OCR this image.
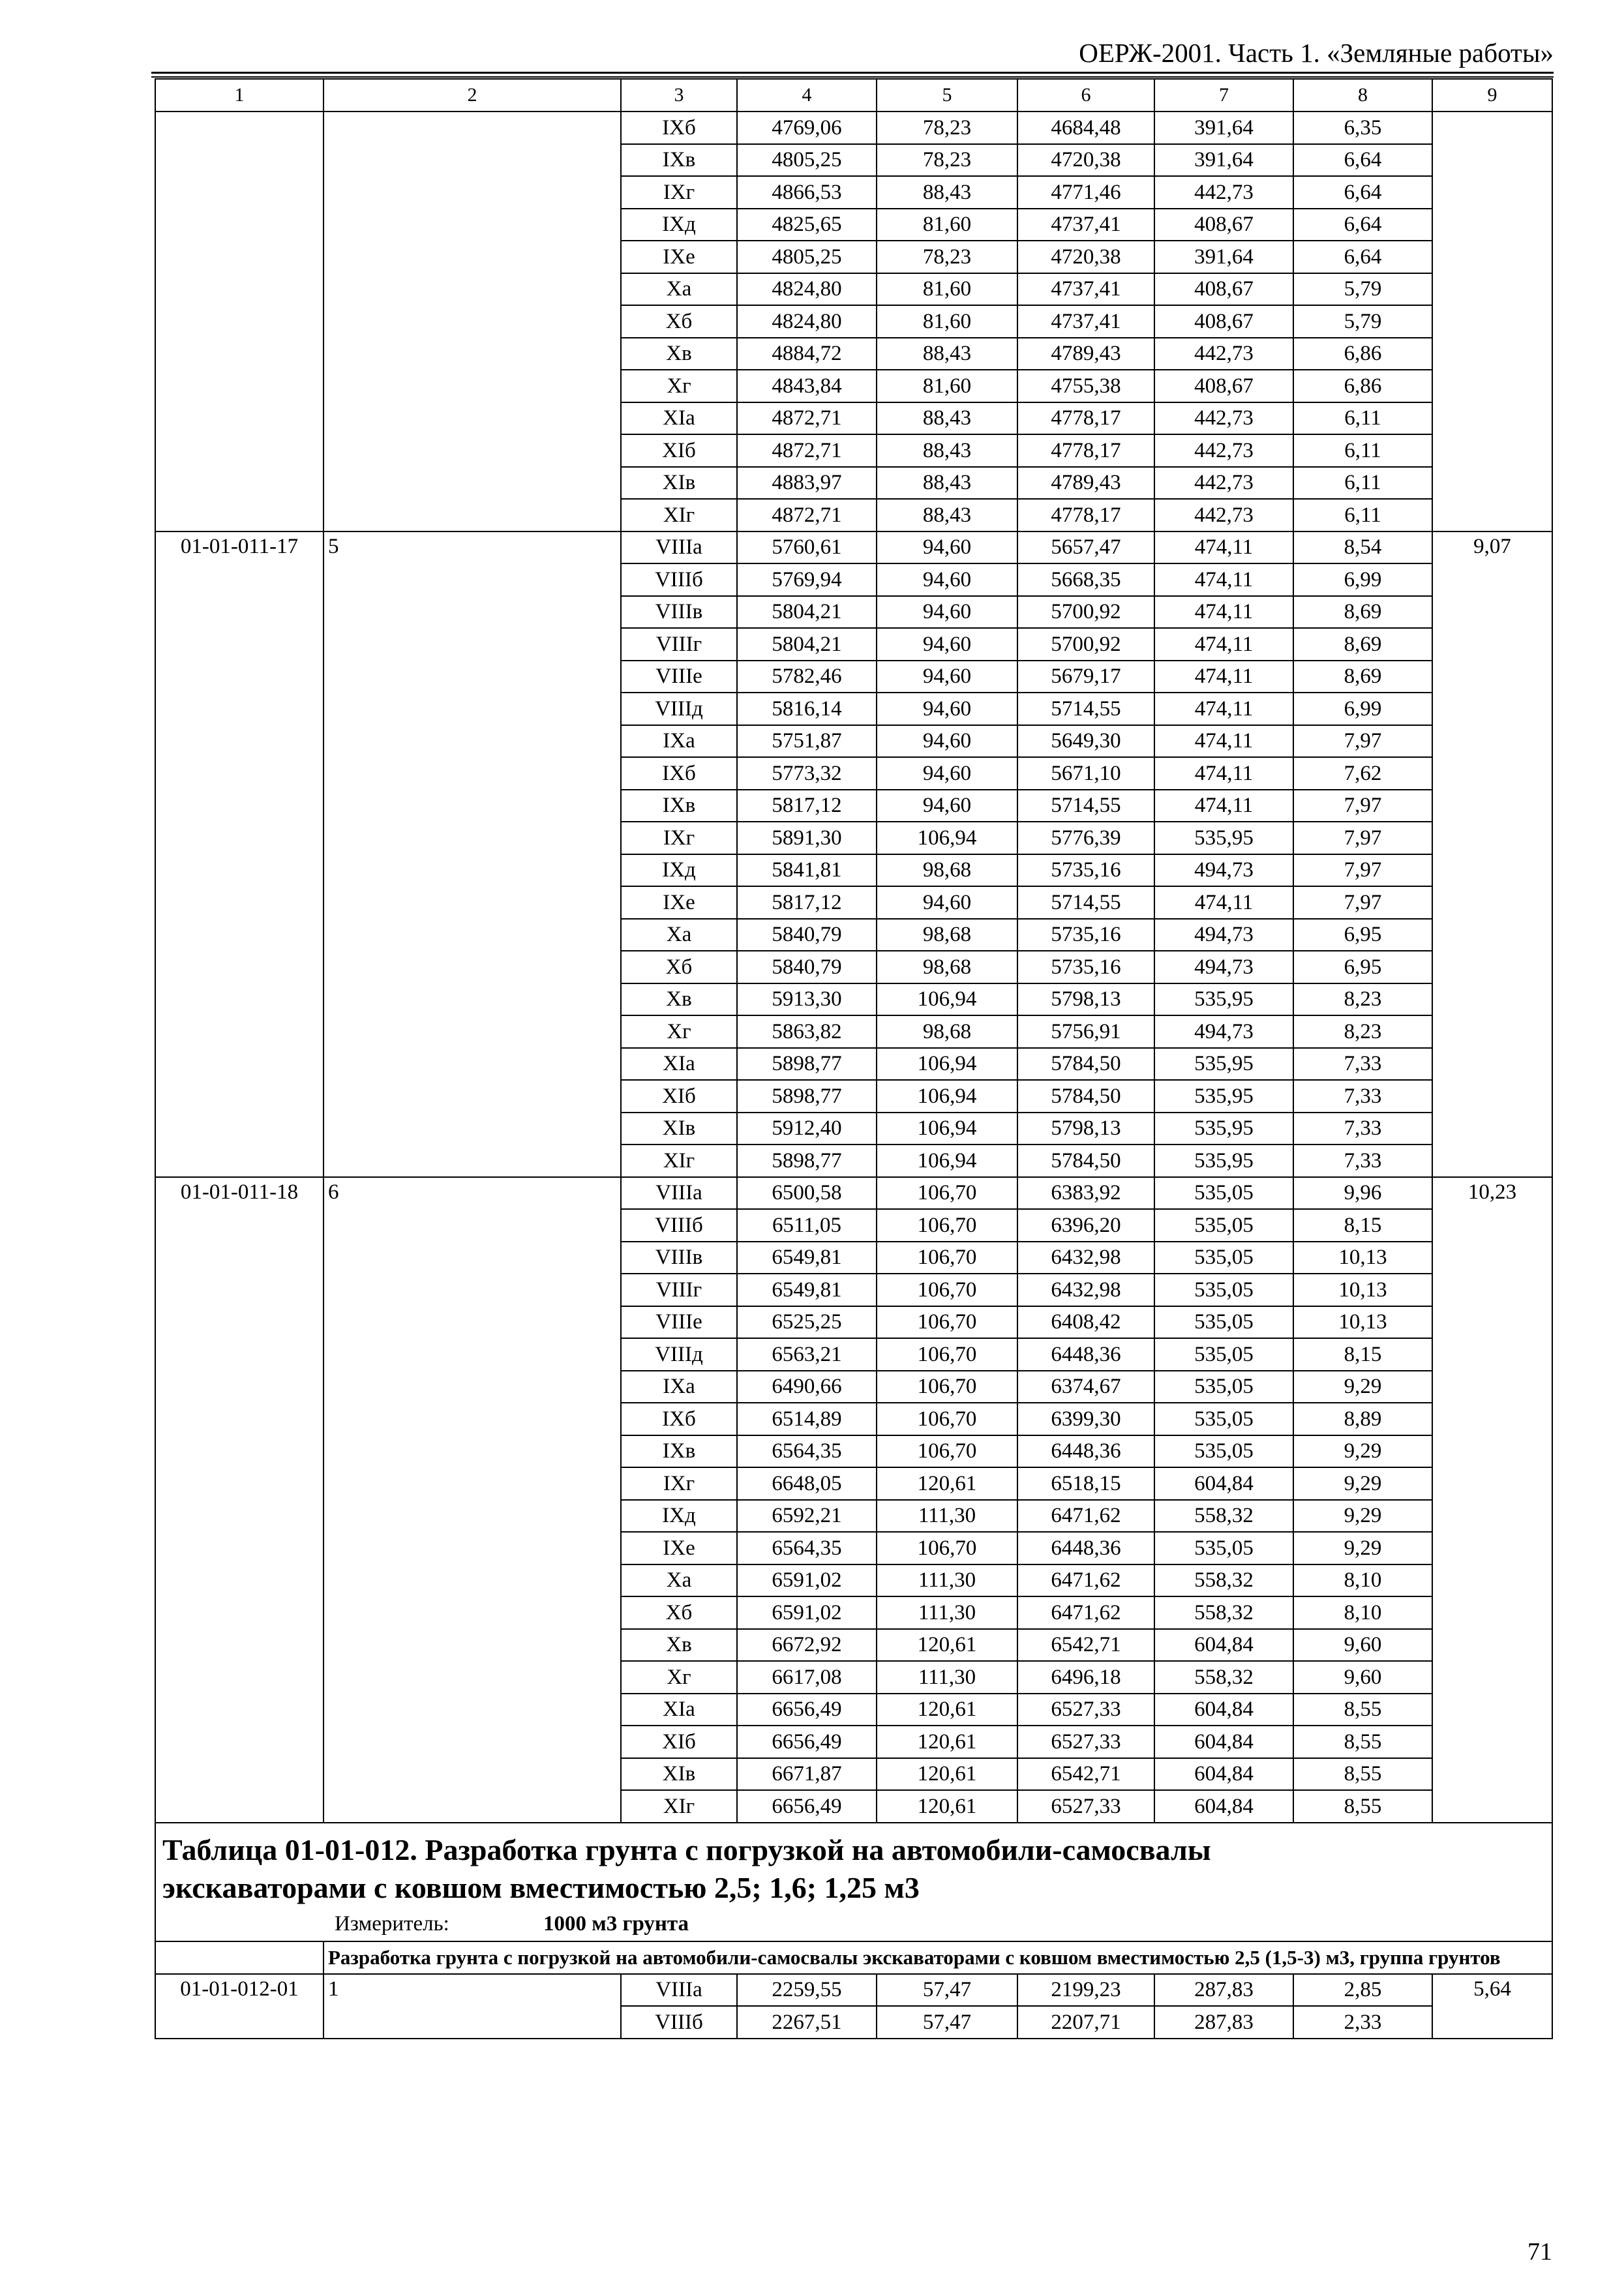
ОЕРЖ-2001. Часть 1. «Земляные работы»
1	2	3	4	5	6	7	8	9
		IXб	4769,06	78,23	4684,48	391,64	6,35	
		IXв	4805,25	78,23	4720,38	391,64	6,64	
		IXг	4866,53	88,43	4771,46	442,73	6,64	
		IXд	4825,65	81,60	4737,41	408,67	6,64	
		IXе	4805,25	78,23	4720,38	391,64	6,64	
		Xа	4824,80	81,60	4737,41	408,67	5,79	
		Xб	4824,80	81,60	4737,41	408,67	5,79	
		Xв	4884,72	88,43	4789,43	442,73	6,86	
		Xг	4843,84	81,60	4755,38	408,67	6,86	
		XIа	4872,71	88,43	4778,17	442,73	6,11	
		XIб	4872,71	88,43	4778,17	442,73	6,11	
		XIв	4883,97	88,43	4789,43	442,73	6,11	
		XIг	4872,71	88,43	4778,17	442,73	6,11	
01-01-011-17	5	VIIIа	5760,61	94,60	5657,47	474,11	8,54	9,07
		VIIIб	5769,94	94,60	5668,35	474,11	6,99	
		VIIIв	5804,21	94,60	5700,92	474,11	8,69	
		VIIIг	5804,21	94,60	5700,92	474,11	8,69	
		VIIIе	5782,46	94,60	5679,17	474,11	8,69	
		VIIIд	5816,14	94,60	5714,55	474,11	6,99	
		IXа	5751,87	94,60	5649,30	474,11	7,97	
		IXб	5773,32	94,60	5671,10	474,11	7,62	
		IXв	5817,12	94,60	5714,55	474,11	7,97	
		IXг	5891,30	106,94	5776,39	535,95	7,97	
		IXд	5841,81	98,68	5735,16	494,73	7,97	
		IXе	5817,12	94,60	5714,55	474,11	7,97	
		Xа	5840,79	98,68	5735,16	494,73	6,95	
		Xб	5840,79	98,68	5735,16	494,73	6,95	
		Xв	5913,30	106,94	5798,13	535,95	8,23	
		Xг	5863,82	98,68	5756,91	494,73	8,23	
		XIа	5898,77	106,94	5784,50	535,95	7,33	
		XIб	5898,77	106,94	5784,50	535,95	7,33	
		XIв	5912,40	106,94	5798,13	535,95	7,33	
		XIг	5898,77	106,94	5784,50	535,95	7,33	
01-01-011-18	6	VIIIа	6500,58	106,70	6383,92	535,05	9,96	10,23
		VIIIб	6511,05	106,70	6396,20	535,05	8,15	
		VIIIв	6549,81	106,70	6432,98	535,05	10,13	
		VIIIг	6549,81	106,70	6432,98	535,05	10,13	
		VIIIе	6525,25	106,70	6408,42	535,05	10,13	
		VIIIд	6563,21	106,70	6448,36	535,05	8,15	
		IXа	6490,66	106,70	6374,67	535,05	9,29	
		IXб	6514,89	106,70	6399,30	535,05	8,89	
		IXв	6564,35	106,70	6448,36	535,05	9,29	
		IXг	6648,05	120,61	6518,15	604,84	9,29	
		IXд	6592,21	111,30	6471,62	558,32	9,29	
		IXе	6564,35	106,70	6448,36	535,05	9,29	
		Xа	6591,02	111,30	6471,62	558,32	8,10	
		Xб	6591,02	111,30	6471,62	558,32	8,10	
		Xв	6672,92	120,61	6542,71	604,84	9,60	
		Xг	6617,08	111,30	6496,18	558,32	9,60	
		XIа	6656,49	120,61	6527,33	604,84	8,55	
		XIб	6656,49	120,61	6527,33	604,84	8,55	
		XIв	6671,87	120,61	6542,71	604,84	8,55	
		XIг	6656,49	120,61	6527,33	604,84	8,55	

Таблица 01-01-012. Разработка грунта с погрузкой на автомобили-самосвалы
экскаваторами с ковшом вместимостью 2,5; 1,6; 1,25 м3
Измеритель: 1000 м3 грунта								

	Разработка грунта с погрузкой на автомобили-самосвалы экскаваторами с ковшом вместимостью 2,5 (1,5-3) м3, группа грунтов							
01-01-012-01	1	VIIIа	2259,55	57,47	2199,23	287,83	2,85	5,64
		VIIIб	2267,51	57,47	2207,71	287,83	2,33	
71
